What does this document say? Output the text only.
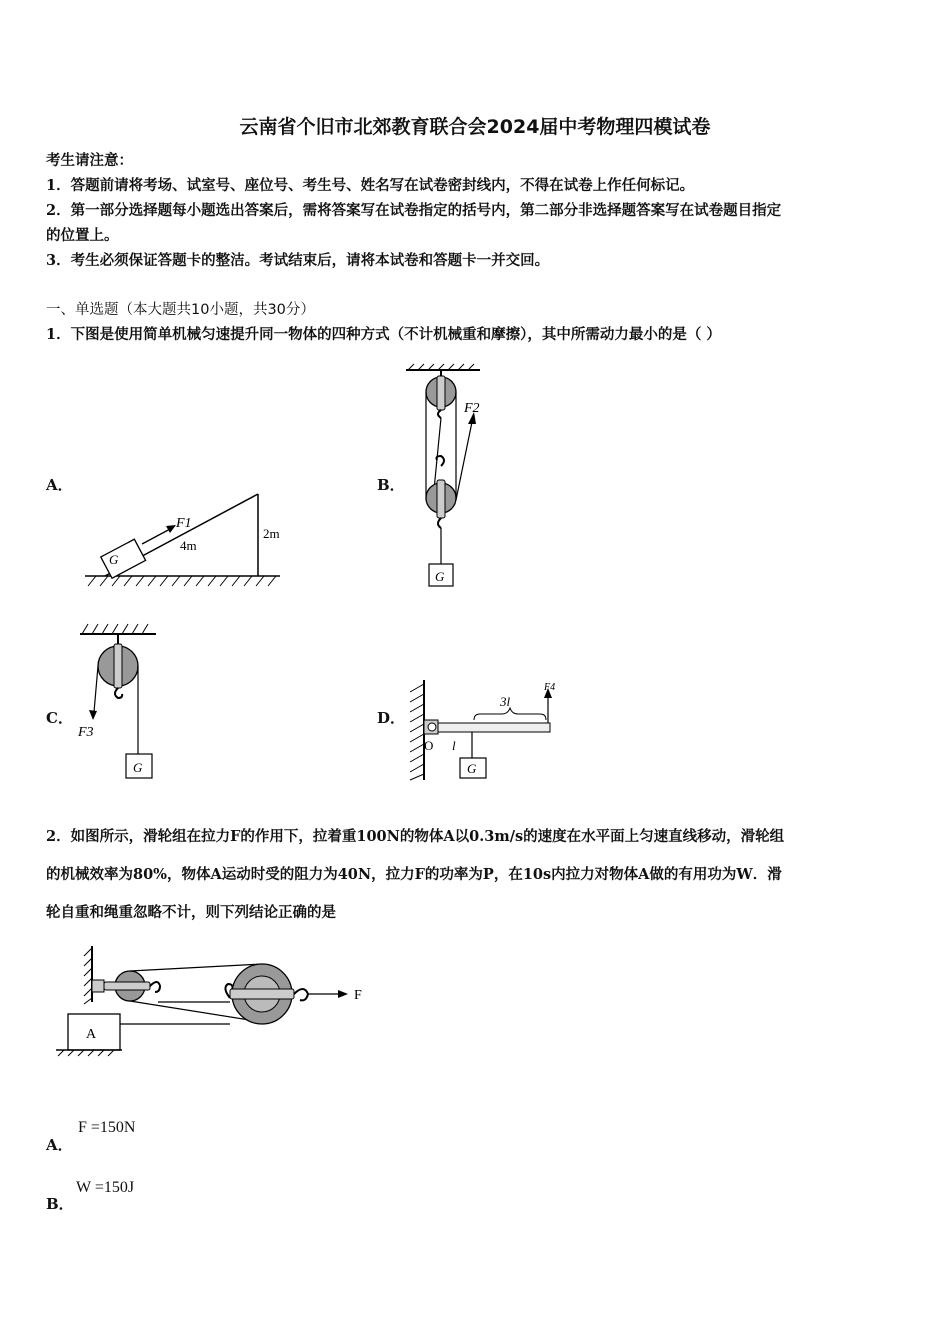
云南省个旧市北郊教育联合会2024届中考物理四模试卷
考生请注意：
1．答题前请将考场、试室号、座位号、考生号、姓名写在试卷密封线内，不得在试卷上作任何标记。
2．第一部分选择题每小题选出答案后，需将答案写在试卷指定的括号内，第二部分非选择题答案写在试卷题目指定
的位置上。
3．考生必须保证答题卡的整洁。考试结束后，请将本试卷和答题卡一并交回。
一、单选题（本大题共10小题，共30分）
1．下图是使用简单机械匀速提升同一物体的四种方式（不计机械重和摩擦），其中所需动力最小的是（ ）
A．
F1
4m
2m
G
B．
F2
G
C．
F3
G
D．
O
3l
l
F4
G
2．如图所示，滑轮组在拉力F的作用下，拉着重100N的物体A以0.3m/s的速度在水平面上匀速直线移动，滑轮组
的机械效率为80%，物体A运动时受的阻力为40N，拉力F的功率为P，在10s内拉力对物体A做的有用功为W．滑
轮自重和绳重忽略不计，则下列结论正确的是
F
A
A．
F =150N
B．
W =150J
